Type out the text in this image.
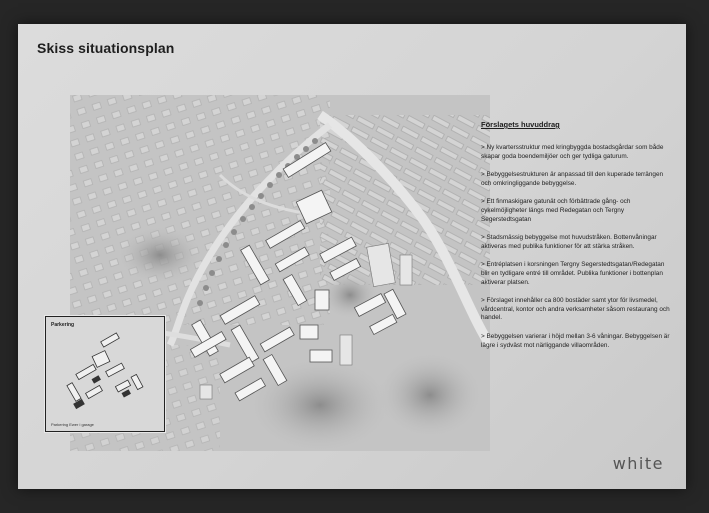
Skiss situationsplan
Parkering
Parkering Ewer i garage
Förslagets huvuddrag

> Ny kvartersstruktur med kringbyggda bostadsgårdar som både skapar goda boendemiljöer och ger tydliga gaturum.

> Bebyggelsestrukturen är anpassad till den kuperade terrängen och omkringliggande bebyggelse.

> Ett finmaskigare gatunät och förbättrade gång- och cykelmöjligheter längs med Redegatan och Tergny Segerstedtsgatan

> Stadsmässig bebyggelse mot huvudstråken. Bottenvåningar aktiveras med publika funktioner för att stärka stråken.

> Entréplatsen i korsningen Tergny Segerstedtsgatan/Redegatan blir en tydligare entré till området. Publika funktioner i bottenplan aktiverar platsen.

> Förslaget innehåller ca 800 bostäder samt ytor för livsmedel, vårdcentral, kontor och andra verksamheter såsom restaurang och handel.

> Bebyggelsen varierar i höjd mellan 3-6 våningar. Bebyggelsen är lägre i sydväst mot närliggande villaområden.

white
